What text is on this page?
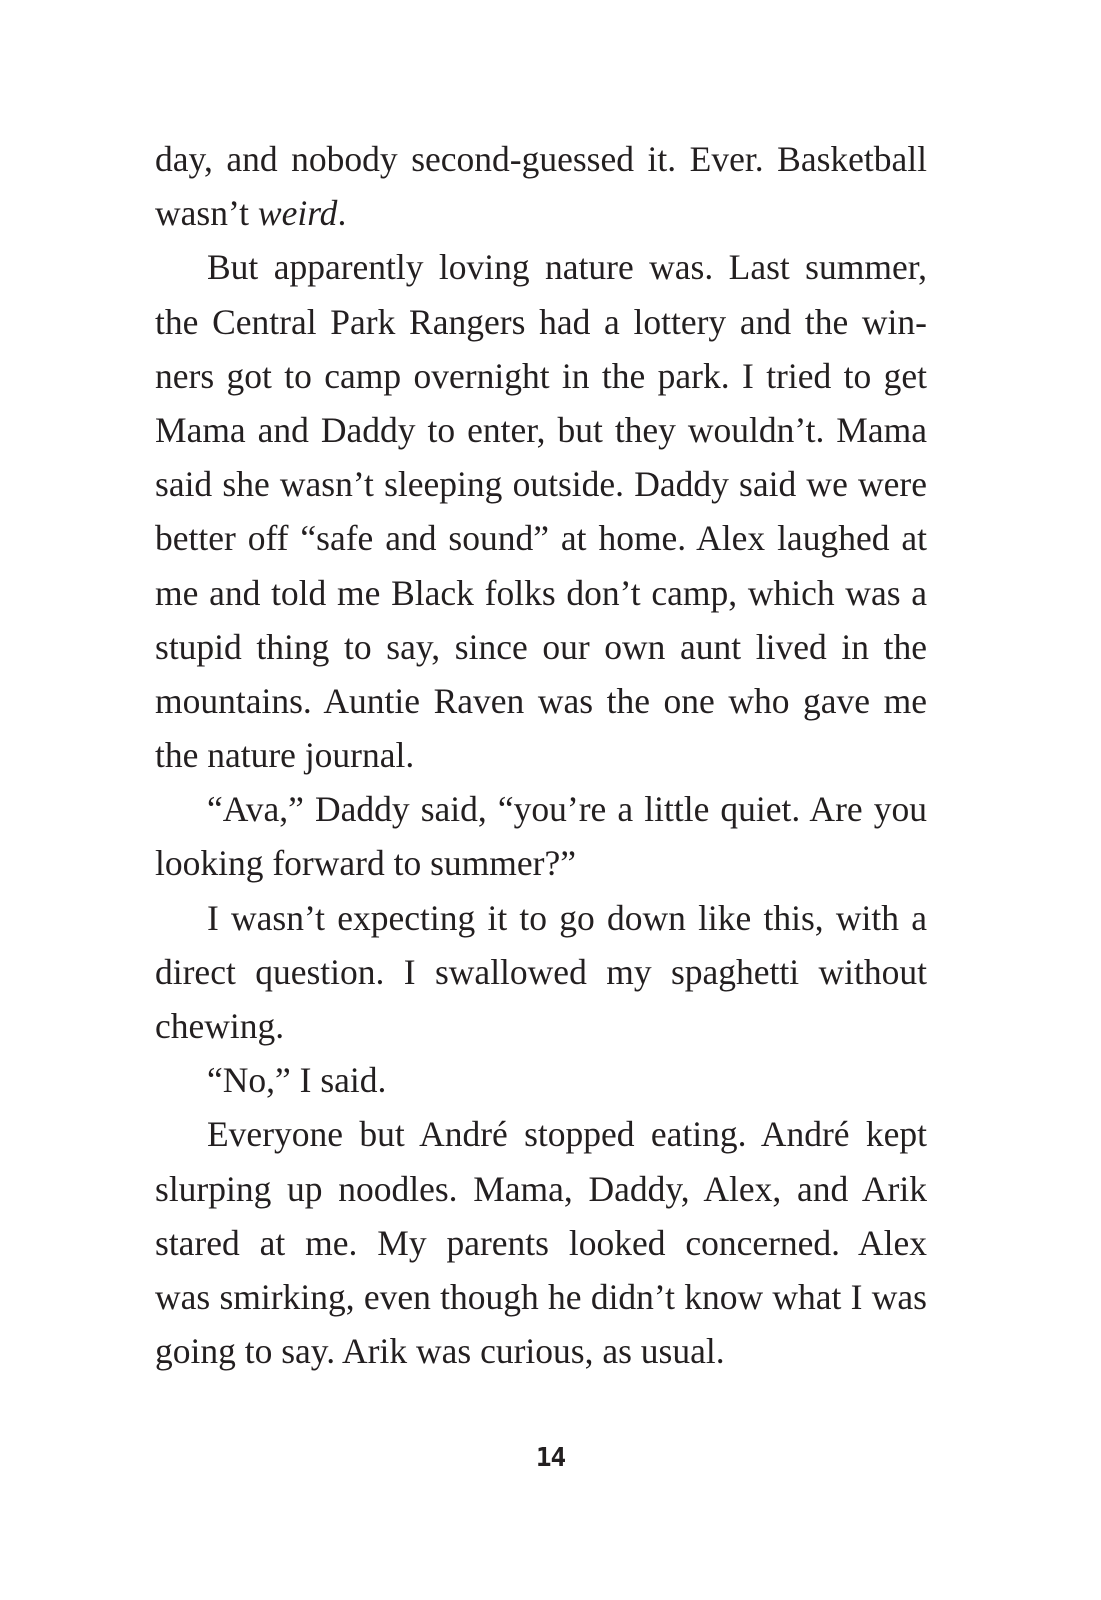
day, and nobody second-guessed it. Ever. Basketball
wasn’t weird.
But apparently loving nature was. Last summer,
the Central Park Rangers had a lottery and the win-
ners got to camp overnight in the park. I tried to get
Mama and Daddy to enter, but they wouldn’t. Mama
said she wasn’t sleeping outside. Daddy said we were
better off “safe and sound” at home. Alex laughed at
me and told me Black folks don’t camp, which was a
stupid thing to say, since our own aunt lived in the
mountains. Auntie Raven was the one who gave me
the nature journal.
“Ava,” Daddy said, “you’re a little quiet. Are you
looking forward to summer?”
I wasn’t expecting it to go down like this, with a
direct question. I swallowed my spaghetti without
chewing.
“No,” I said.
Everyone but André stopped eating. André kept
slurping up noodles. Mama, Daddy, Alex, and Arik
stared at me. My parents looked concerned. Alex
was smirking, even though he didn’t know what I was
going to say. Arik was curious, as usual.
14
